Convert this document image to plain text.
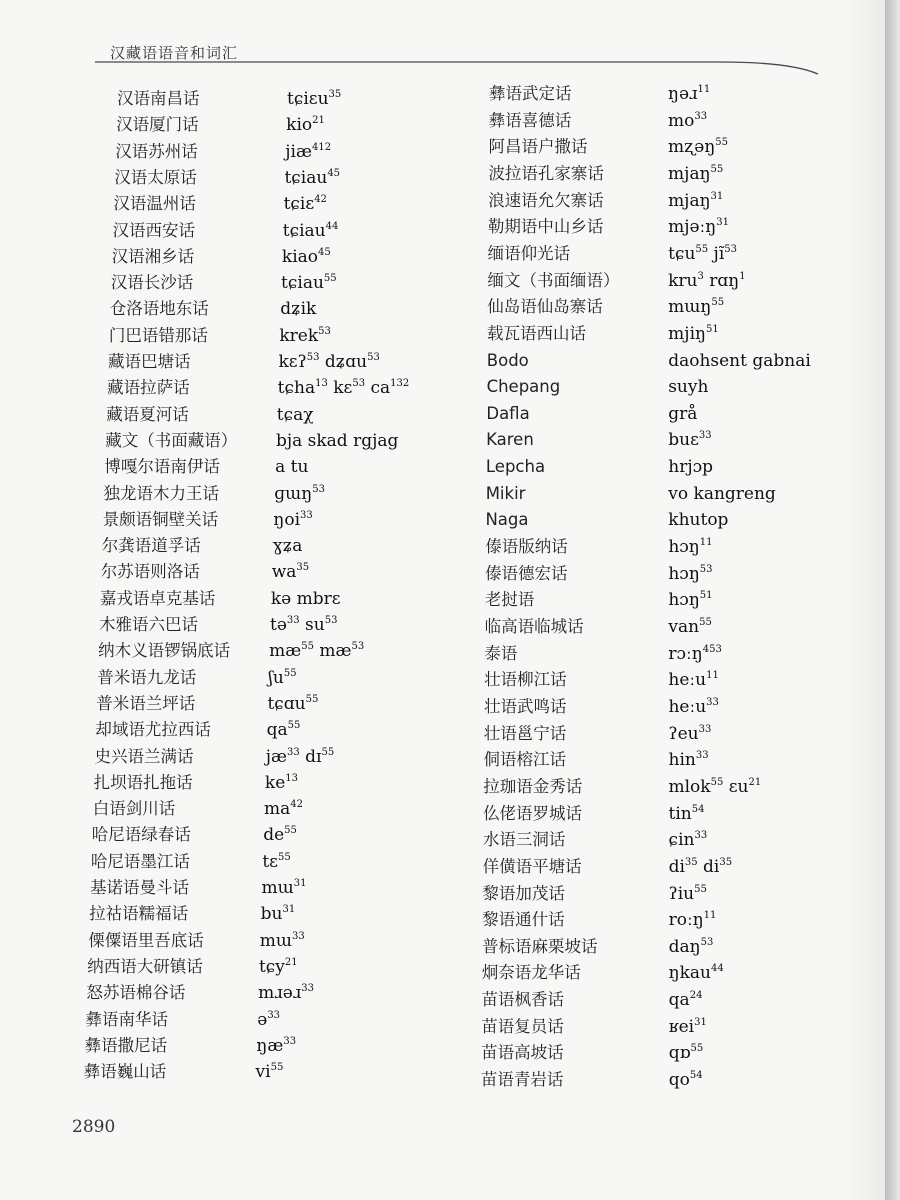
汉藏语语音和词汇
汉语南昌话	tɕiɛu$^{35}$
汉语厦门话	kio$^{21}$
汉语苏州话	jiæ$^{412}$
汉语太原话	tɕiau$^{45}$
汉语温州话	tɕiɛ$^{42}$
汉语西安话	tɕiau$^{44}$
汉语湘乡话	kiao$^{45}$
汉语长沙话	tɕiau$^{55}$
仓洛语地东话	dʑik
门巴语错那话	krek$^{53}$
藏语巴塘话	kɛʔ$^{53}$ dʑɑu$^{53}$
藏语拉萨话	tɕha$^{13}$ kɛ$^{53}$ $ca^{132}$
藏语夏河话	tɕaχ
藏文（书面藏语） bja skad rgjag
博嘎尔语南伊话	a tu
独龙语木力王话	ɡɯŋ$^{53}$
景颇语铜壁关话	ŋoi$^{33}$
尔龚语道孚话	ɣʑa
尔苏语则洛话	$wa^{35}$
嘉戎语卓克基话	kə mbrɛ
木雅语六巴话	tə$^{33}$ $su^{53}$
纳木义语锣锅底话 $mæ^{55}$ $mæ^{53}$
普米语九龙话	ʃu$^{55}$
普米语兰坪话	tɕɑu$^{55}$
却域语尤拉西话	$qa^{55}$
史兴语兰满话	$jæ^{33}$ dɪ$^{55}$
扎坝语扎拖话	$ke^{13}$
白语剑川话	$ma^{42}$
哈尼语绿春话	$de^{55}$
哈尼语墨江话	tɛ$^{55}$
基诺语曼斗话	mɯ$^{31}$
拉祜语糯福话	$bu^{31}$
傈僳语里吾底话	mɯ$^{33}$
纳西语大研镇话	tɕy$^{21}$
怒苏语棉谷话	mɹəɹ$^{33}$
彝语南华话	ə$^{33}$
彝语撒尼话	$ŋæ^{33}$
彝语巍山话	$vi^{55}$
彝语武定话	ŋəɹ$^{11}$
彝语喜德话	$mo^{33}$
阿昌语户撒话	mʐəŋ$^{55}$
波拉语孔家寨话	mjaŋ$^{55}$
浪速语允欠寨话	mjaŋ$^{31}$
勒期语中山乡话	mjəːŋ$^{31}$
缅语仰光话	tɕu$^{55}$ $jĩ^{53}$
缅文（书面缅语）	kru$^3$ rɑŋ$^1$
仙岛语仙岛寨话	mɯŋ$^{55}$
载瓦语西山话	mjiŋ$^{51}$
Bodo	daohsent gabnai
Chepang	suyh
Dafla	grå
Karen	buɛ$^{33}$
Lepcha	hrjɔp
Mikir	vo kangreng
Naga	khutop
傣语版纳话	hɔŋ$^{11}$
傣语德宏话	hɔŋ$^{53}$
老挝语	hɔŋ$^{51}$
临高语临城话	van$^{55}$
泰语	rɔːŋ$^{453}$
壮语柳江话	heːu$^{11}$
壮语武鸣话	heːu$^{33}$
壮语邕宁话	ʔeu$^{33}$
侗语榕江话	hin$^{33}$
拉珈语金秀话	mlok$^{55}$ ɛu$^{21}$
仫佬语罗城话	tin$^{54}$
水语三洞话	ɕin$^{33}$
佯僙语平塘话	$di^{35}$ $di^{35}$
黎语加茂话	ʔiu$^{55}$
黎语通什话	roːŋ$^{11}$
普标语麻栗坡话	daŋ$^{53}$
炯奈语龙华话	ŋkau$^{44}$
苗语枫香话	$qa^{24}$
苗语复员话	ʁei$^{31}$
苗语高坡话	qɒ$^{55}$
苗语青岩话	$qo^{54}$
2890
